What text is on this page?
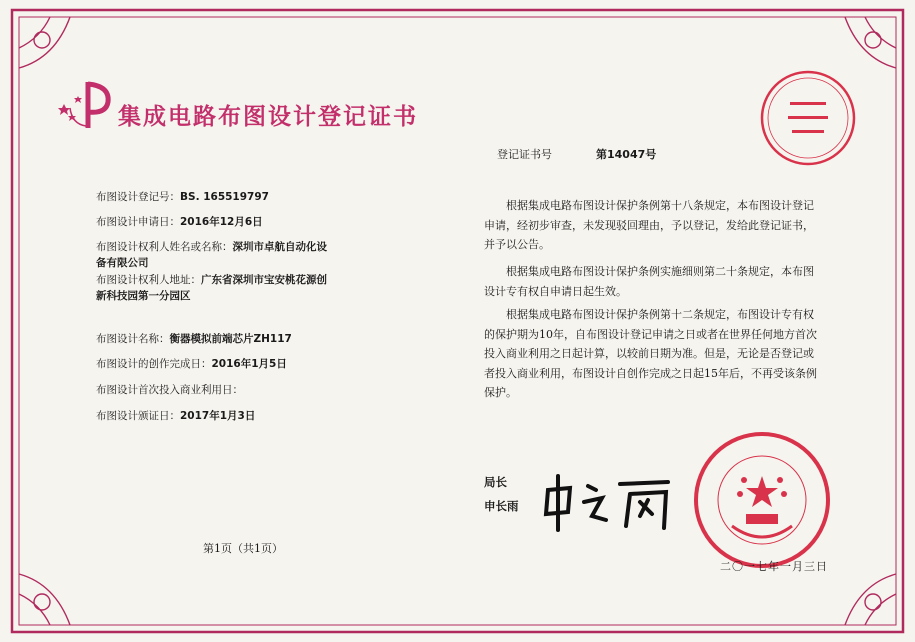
集成电路布图设计登记证书
布图设计登记号：BS. 165519797
布图设计申请日：2016年12月6日
布图设计权利人姓名或名称：深圳市卓航自动化设
备有限公司
布图设计权利人地址：广东省深圳市宝安桃花源创
新科技园第一分园区
布图设计名称：衡器模拟前端芯片ZH117
布图设计的创作完成日：2016年1月5日
布图设计首次投入商业利用日：
布图设计颁证日：2017年1月3日
第1页（共1页）
登记证书号	第14047号
根据集成电路布图设计保护条例第十八条规定，本布图设计登记申请，经初步审查，未发现驳回理由，予以登记，发给此登记证书，并予以公告。
根据集成电路布图设计保护条例实施细则第二十条规定，本布图设计专有权自申请日起生效。
根据集成电路布图设计保护条例第十二条规定，布图设计专有权的保护期为10年，自布图设计登记申请之日或者在世界任何地方首次投入商业利用之日起计算，以较前日期为准。但是，无论是否登记或者投入商业利用，布图设计自创作完成之日起15年后，不再受该条例保护。
局长
申长雨
二〇一七年一月三日
